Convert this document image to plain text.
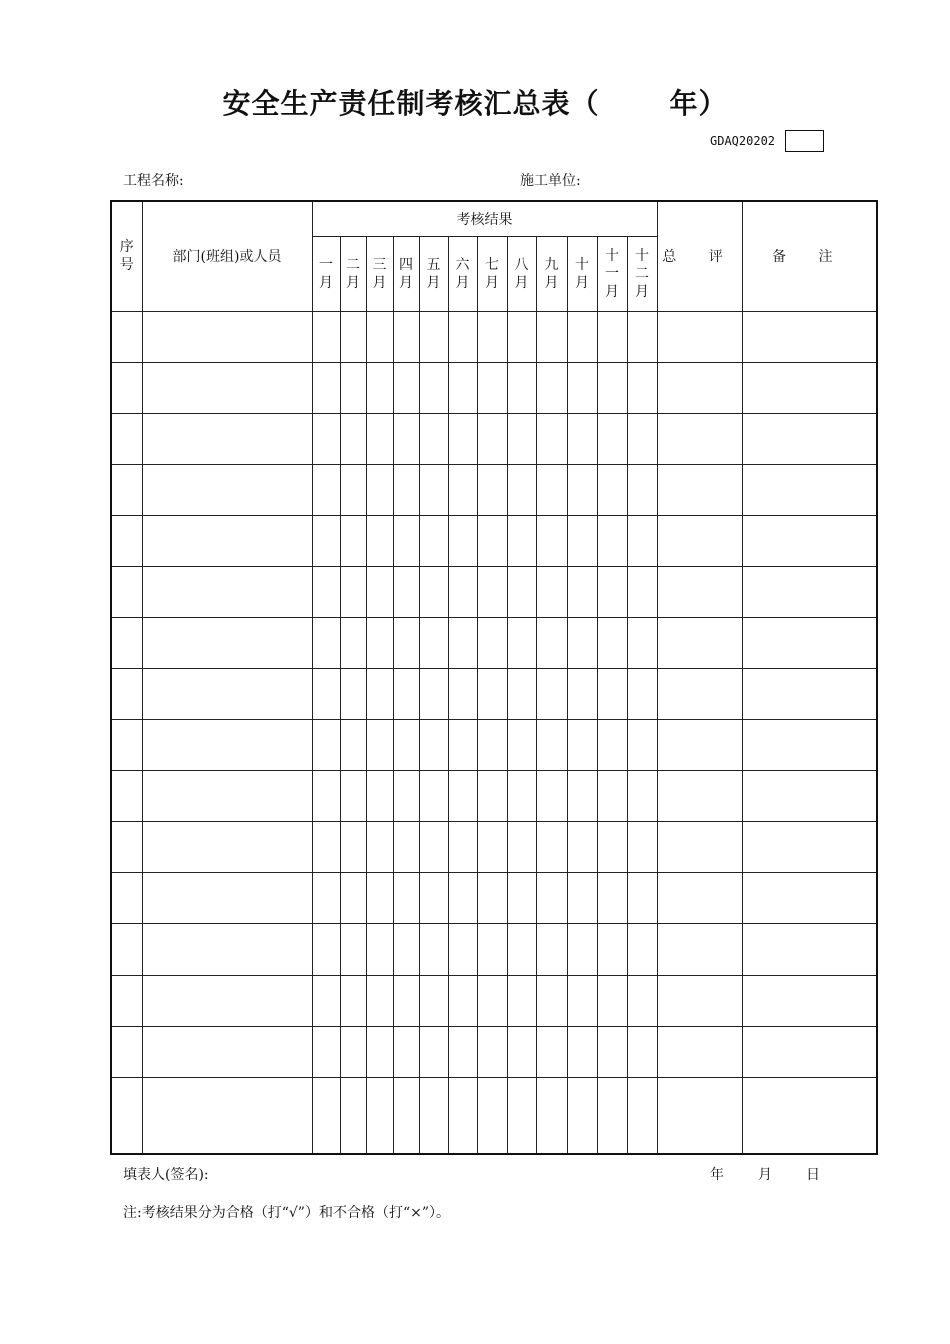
安全生产责任制考核汇总表（	年）
GDAQ20202
工程名称:	施工单位:
序号	部门(班组)或人员	考核结果												总 评	备 注
		一月	二月	三月	四月	五月	六月	七月	八月	九月	十月	十一月	十二月		

填表人(签名):	年 月 日
注:考核结果分为合格（打“√”）和不合格（打“×”）。
